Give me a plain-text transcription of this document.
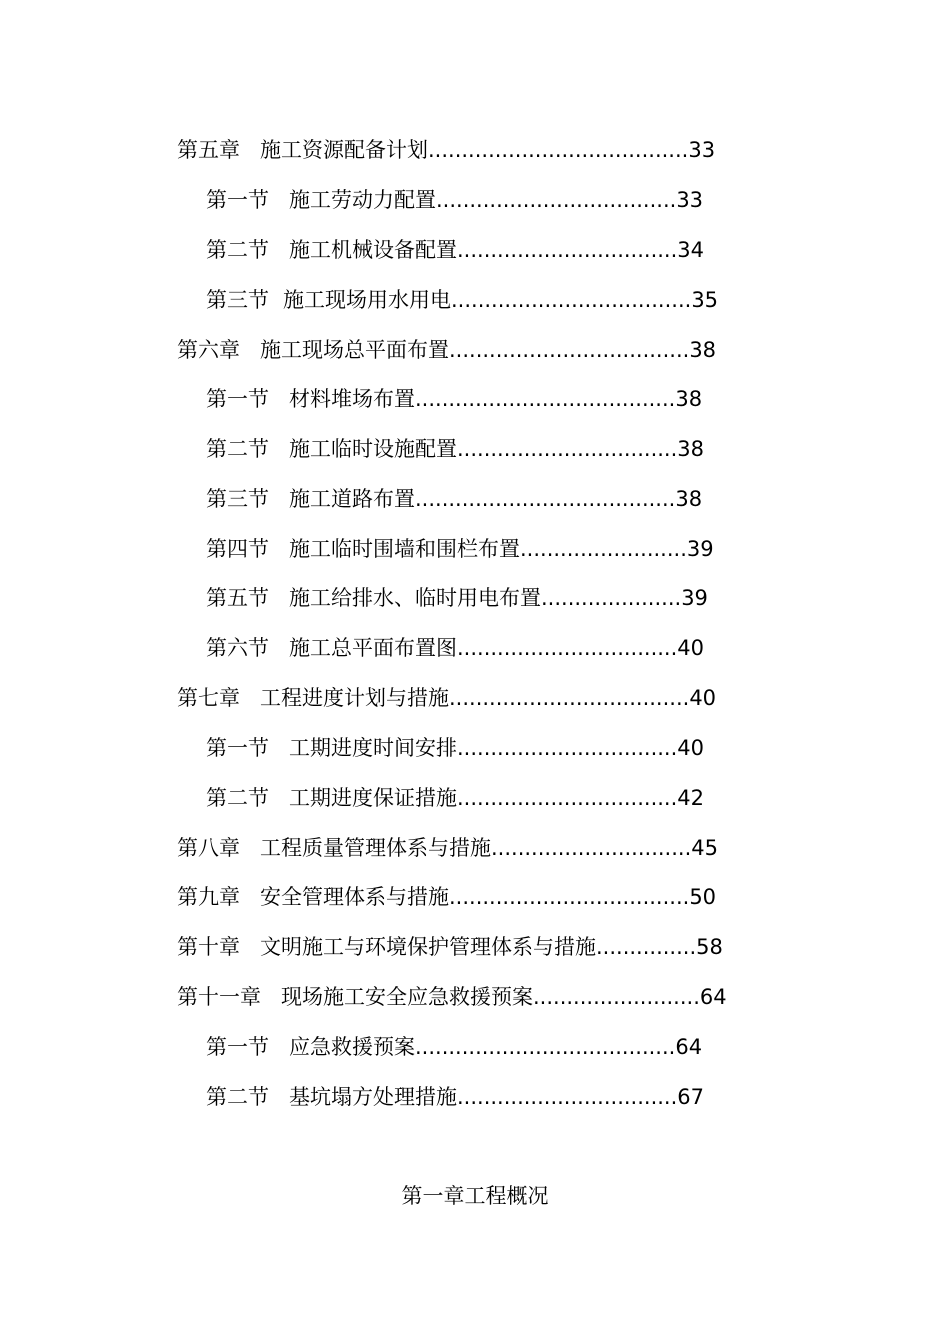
第五章 施工资源配备计划.......................................33
第一节 施工劳动力配置....................................33
第二节 施工机械设备配置.................................34
第三节 施工现场用水用电....................................35
第六章 施工现场总平面布置....................................38
第一节 材料堆场布置.......................................38
第二节 施工临时设施配置.................................38
第三节 施工道路布置.......................................38
第四节 施工临时围墙和围栏布置.........................39
第五节 施工给排水、临时用电布置.....................39
第六节 施工总平面布置图.................................40
第七章 工程进度计划与措施....................................40
第一节 工期进度时间安排.................................40
第二节 工期进度保证措施.................................42
第八章 工程质量管理体系与措施..............................45
第九章 安全管理体系与措施....................................50
第十章 文明施工与环境保护管理体系与措施...............58
第十一章 现场施工安全应急救援预案.........................64
第一节 应急救援预案.......................................64
第二节 基坑塌方处理措施.................................67
第一章工程概况
